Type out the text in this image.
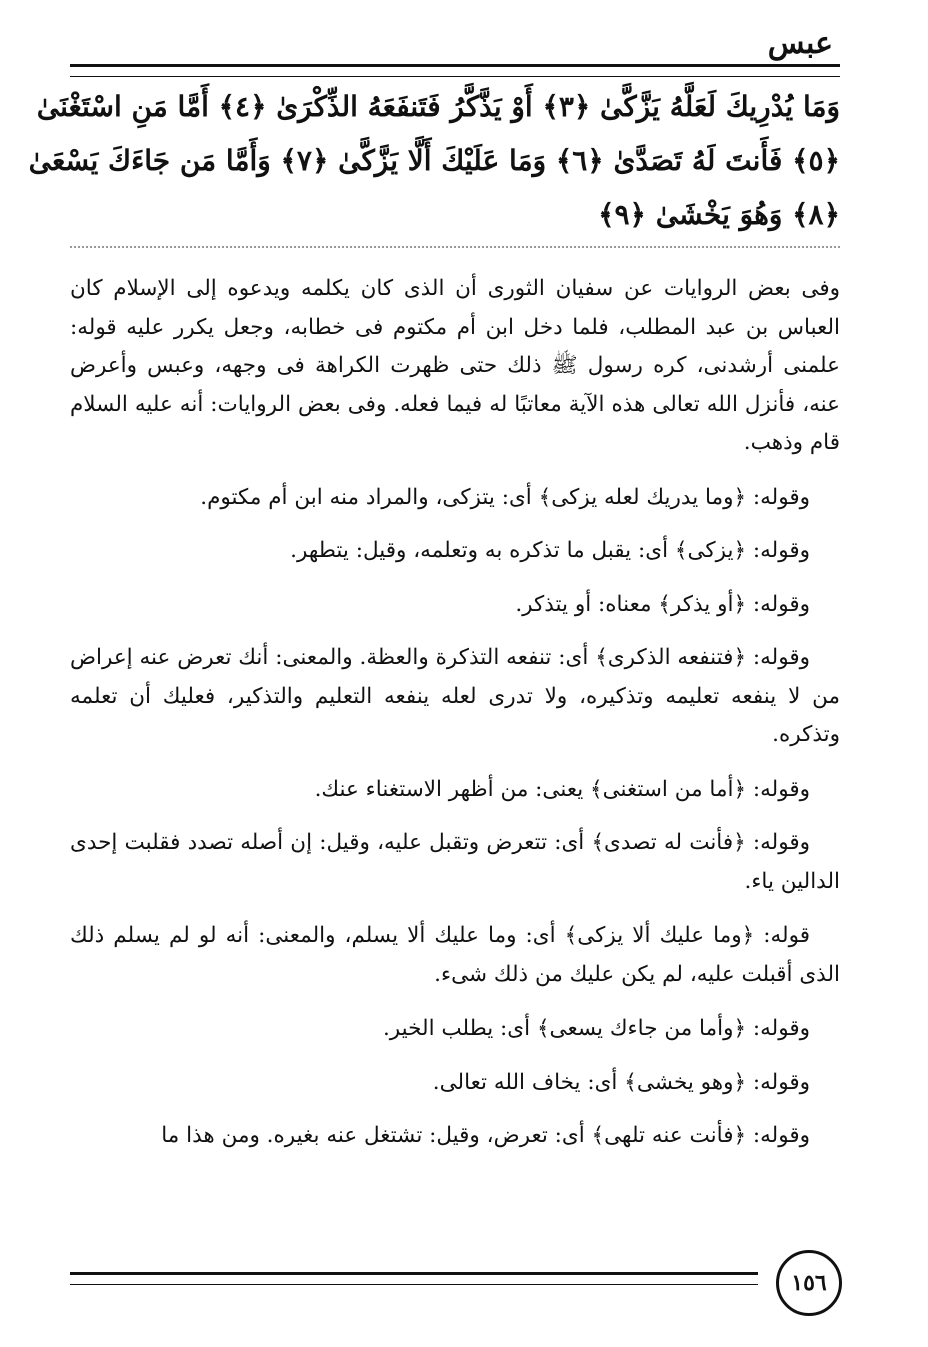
عبس
وَمَا يُدْرِيكَ لَعَلَّهُ يَزَّكَّىٰ ﴿٣﴾ أَوْ يَذَّكَّرُ فَتَنفَعَهُ الذِّكْرَىٰ ﴿٤﴾ أَمَّا مَنِ اسْتَغْنَىٰ
﴿٥﴾ فَأَنتَ لَهُ تَصَدَّىٰ ﴿٦﴾ وَمَا عَلَيْكَ أَلَّا يَزَّكَّىٰ ﴿٧﴾ وَأَمَّا مَن جَاءَكَ يَسْعَىٰ
﴿٨﴾ وَهُوَ يَخْشَىٰ ﴿٩﴾

وفى بعض الروايات عن سفيان الثورى أن الذى كان يكلمه ويدعوه إلى الإسلام كان العباس بن عبد المطلب، فلما دخل ابن أم مكتوم فى خطابه، وجعل يكرر عليه قوله: علمنى أرشدنى، كره رسول ﷺ ذلك حتى ظهرت الكراهة فى وجهه، وعبس وأعرض عنه، فأنزل الله تعالى هذه الآية معاتبًا له فيما فعله. وفى بعض الروايات: أنه عليه السلام قام وذهب.

وقوله: ﴿وما يدريك لعله يزكى﴾ أى: يتزكى، والمراد منه ابن أم مكتوم.

وقوله: ﴿يزكى﴾ أى: يقبل ما تذكره به وتعلمه، وقيل: يتطهر.

وقوله: ﴿أو يذكر﴾ معناه: أو يتذكر.

وقوله: ﴿فتنفعه الذكرى﴾ أى: تنفعه التذكرة والعظة. والمعنى: أنك تعرض عنه إعراض من لا ينفعه تعليمه وتذكيره، ولا تدرى لعله ينفعه التعليم والتذكير، فعليك أن تعلمه وتذكره.

وقوله: ﴿أما من استغنى﴾ يعنى: من أظهر الاستغناء عنك.

وقوله: ﴿فأنت له تصدى﴾ أى: تتعرض وتقبل عليه، وقيل: إن أصله تصدد فقلبت إحدى الدالين ياء.

قوله: ﴿وما عليك ألا يزكى﴾ أى: وما عليك ألا يسلم، والمعنى: أنه لو لم يسلم ذلك الذى أقبلت عليه، لم يكن عليك من ذلك شىء.

وقوله: ﴿وأما من جاءك يسعى﴾ أى: يطلب الخير.

وقوله: ﴿وهو يخشى﴾ أى: يخاف الله تعالى.

وقوله: ﴿فأنت عنه تلهى﴾ أى: تعرض، وقيل: تشتغل عنه بغيره. ومن هذا ما

١٥٦
